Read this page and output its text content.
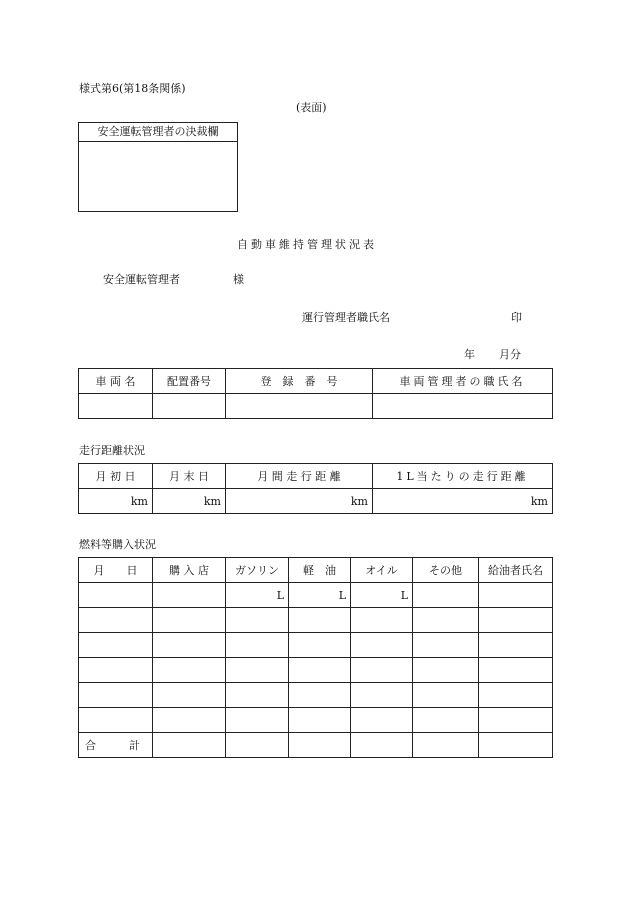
様式第6(第18条関係)
(表面)
安全運転管理者の決裁欄
自動車維持管理状況表
安全運転管理者	様
運行管理者職氏名	印
年 月分
車 両 名	配置番号	登　録　番　号	車両管理者の職氏名

走行距離状況
月 初 日	月 末 日	月 間 走 行 距 離	1L当たりの走行距離
km	km	km	km
燃料等購入状況
月　　日	購 入 店	ガソリン	軽　油	オイル	その他	給油者氏名
		L	L	L		

合　　　計						
